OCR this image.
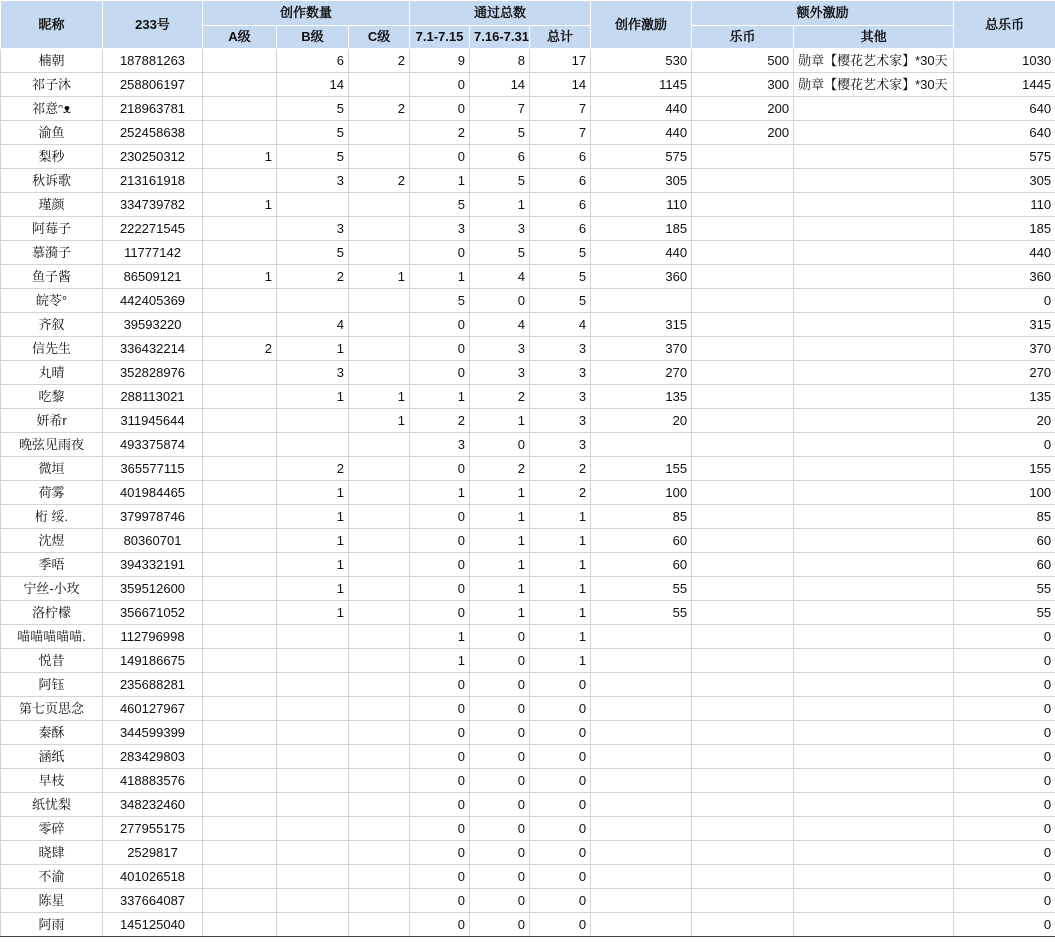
昵称	233号	创作数量			通过总数			创作激励	额外激励		总乐币
		A级	B级	C级	7.1-7.15	7.16-7.31	总计		乐币	其他	
楠朝	187881263		6	2	9	8	17	530	500	勋章【樱花艺术家】*30天	1030
祁子沐	258806197		14		0	14	14	1145	300	勋章【樱花艺术家】*30天	1445
祁意ᵔᴥ	218963781		5	2	0	7	7	440	200		640
渝鱼	252458638		5		2	5	7	440	200		640
梨秒	230250312	1	5		0	6	6	575			575
秋诉歌	213161918		3	2	1	5	6	305			305
瑾颜	334739782	1			5	1	6	110			110
阿莓子	222271545		3		3	3	6	185			185
慕漪子	11777142		5		0	5	5	440			440
鱼子酱	86509121	1	2	1	1	4	5	360			360
皖苓°	442405369				5	0	5				0
齐叙	39593220		4		0	4	4	315			315
信先生	336432214	2	1		0	3	3	370			370
丸晴	352828976		3		0	3	3	270			270
吃黎	288113021		1	1	1	2	3	135			135
妍希r	311945644			1	2	1	3	20			20
晚弦见雨夜	493375874				3	0	3				0
微垣	365577115		2		0	2	2	155			155
荷雾	401984465		1		1	1	2	100			100
桁 绥.	379978746		1		0	1	1	85			85
沈煜	80360701		1		0	1	1	60			60
季唔	394332191		1		0	1	1	60			60
宁丝-小玫	359512600		1		0	1	1	55			55
洛柠檬	356671052		1		0	1	1	55			55
喵喵喵喵喵.	112796998				1	0	1				0
悦昔	149186675				1	0	1				0
阿钰	235688281				0	0	0				0
第七页思念	460127967				0	0	0				0
秦酥	344599399				0	0	0				0
涵纸	283429803				0	0	0				0
早枝	418883576				0	0	0				0
纸忧梨	348232460				0	0	0				0
零碎	277955175				0	0	0				0
晓肆	2529817				0	0	0				0
不渝	401026518				0	0	0				0
陈星	337664087				0	0	0				0
阿雨	145125040				0	0	0				0
